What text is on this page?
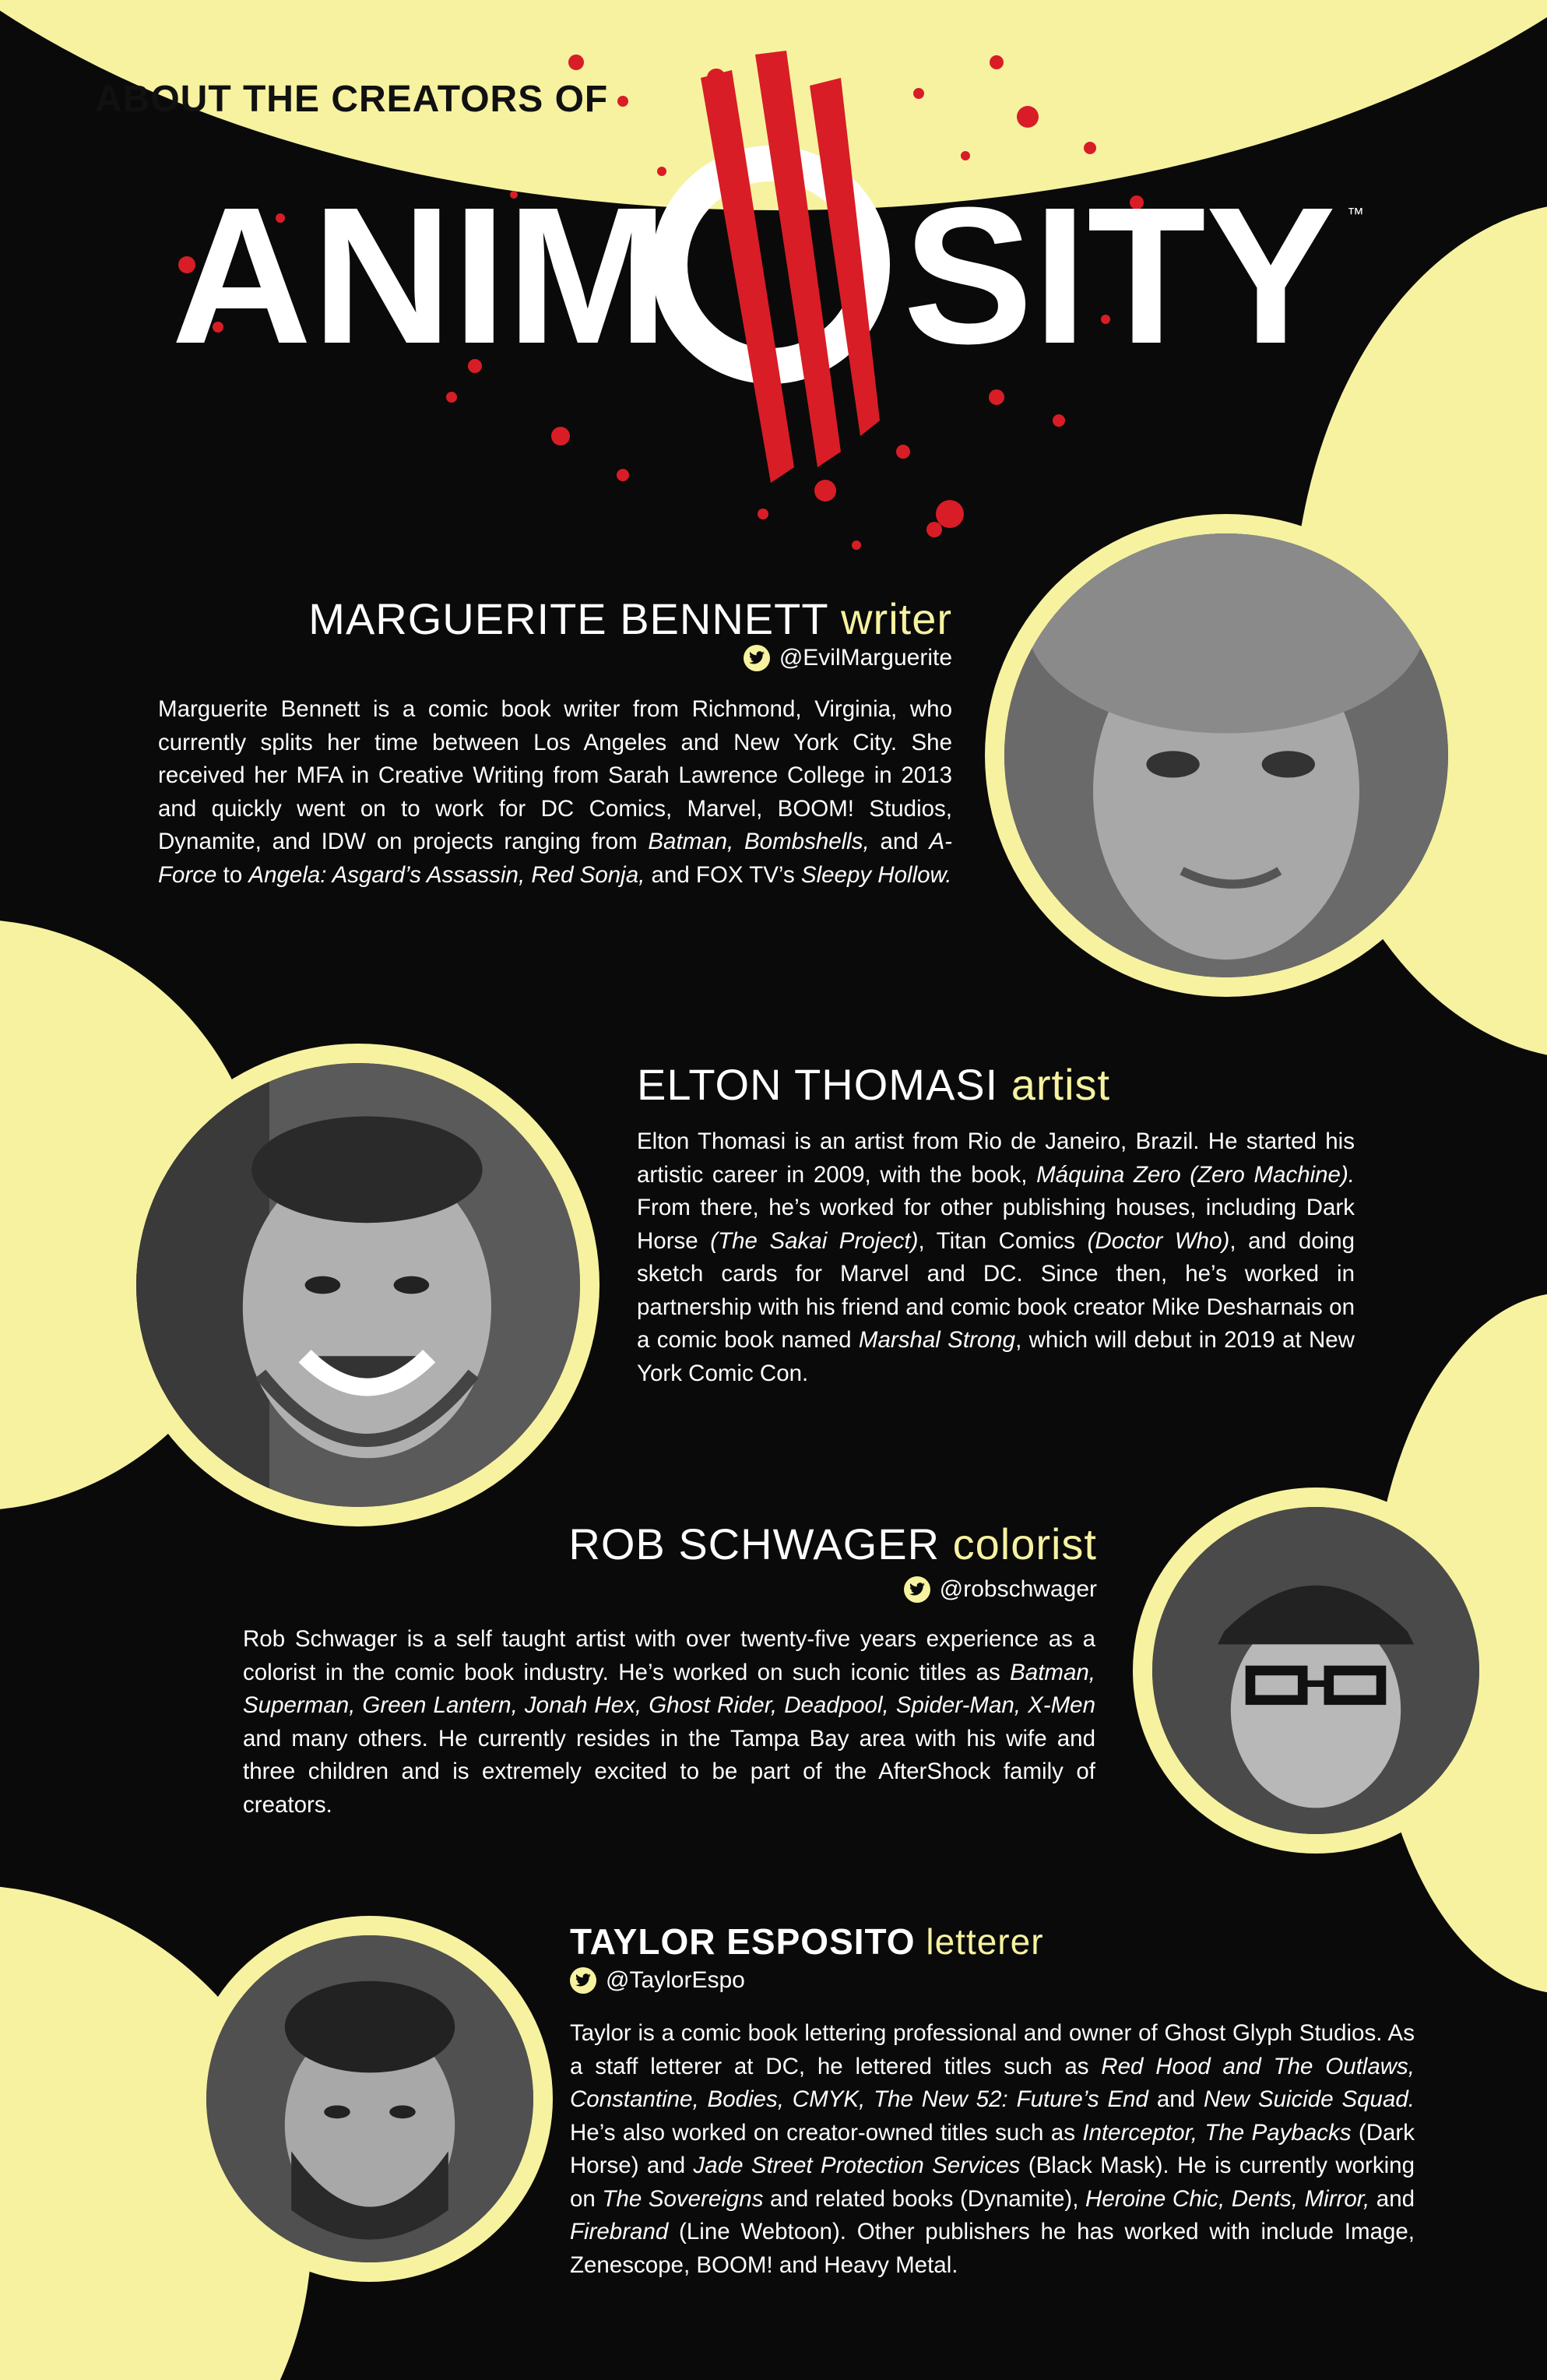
ABOUT THE CREATORS OF
ANIM SITY ™
MARGUERITE BENNETT writer
@EvilMarguerite

Marguerite Bennett is a comic book writer from Richmond, Virginia, who currently splits her time between Los Angeles and New York City. She received her MFA in Creative Writing from Sarah Lawrence College in 2013 and quickly went on to work for DC Comics, Marvel, BOOM! Studios, Dynamite, and IDW on projects ranging from Batman, Bombshells, and A-Force to Angela: Asgard’s Assassin, Red Sonja, and FOX TV’s Sleepy Hollow.

ELTON THOMASI artist

Elton Thomasi is an artist from Rio de Janeiro, Brazil. He started his artistic career in 2009, with the book, Máquina Zero (Zero Machine). From there, he’s worked for other publishing houses, including Dark Horse (The Sakai Project), Titan Comics (Doctor Who), and doing sketch cards for Marvel and DC. Since then, he’s worked in partnership with his friend and comic book creator Mike Desharnais on a comic book named Marshal Strong, which will debut in 2019 at New York Comic Con.

ROB SCHWAGER colorist
@robschwager

Rob Schwager is a self taught artist with over twenty-five years experience as a colorist in the comic book industry. He’s worked on such iconic titles as Batman, Superman, Green Lantern, Jonah Hex, Ghost Rider, Deadpool, Spider-Man, X-Men and many others. He currently resides in the Tampa Bay area with his wife and three children and is extremely excited to be part of the AfterShock family of creators.

TAYLOR ESPOSITO letterer
@TaylorEspo

Taylor is a comic book lettering professional and owner of Ghost Glyph Studios. As a staff letterer at DC, he lettered titles such as Red Hood and The Outlaws, Constantine, Bodies, CMYK, The New 52: Future’s End and New Suicide Squad. He’s also worked on creator-owned titles such as Interceptor, The Paybacks (Dark Horse) and Jade Street Protection Services (Black Mask). He is currently working on The Sovereigns and related books (Dynamite), Heroine Chic, Dents, Mirror, and Firebrand (Line Webtoon). Other publishers he has worked with include Image, Zenescope, BOOM! and Heavy Metal.
